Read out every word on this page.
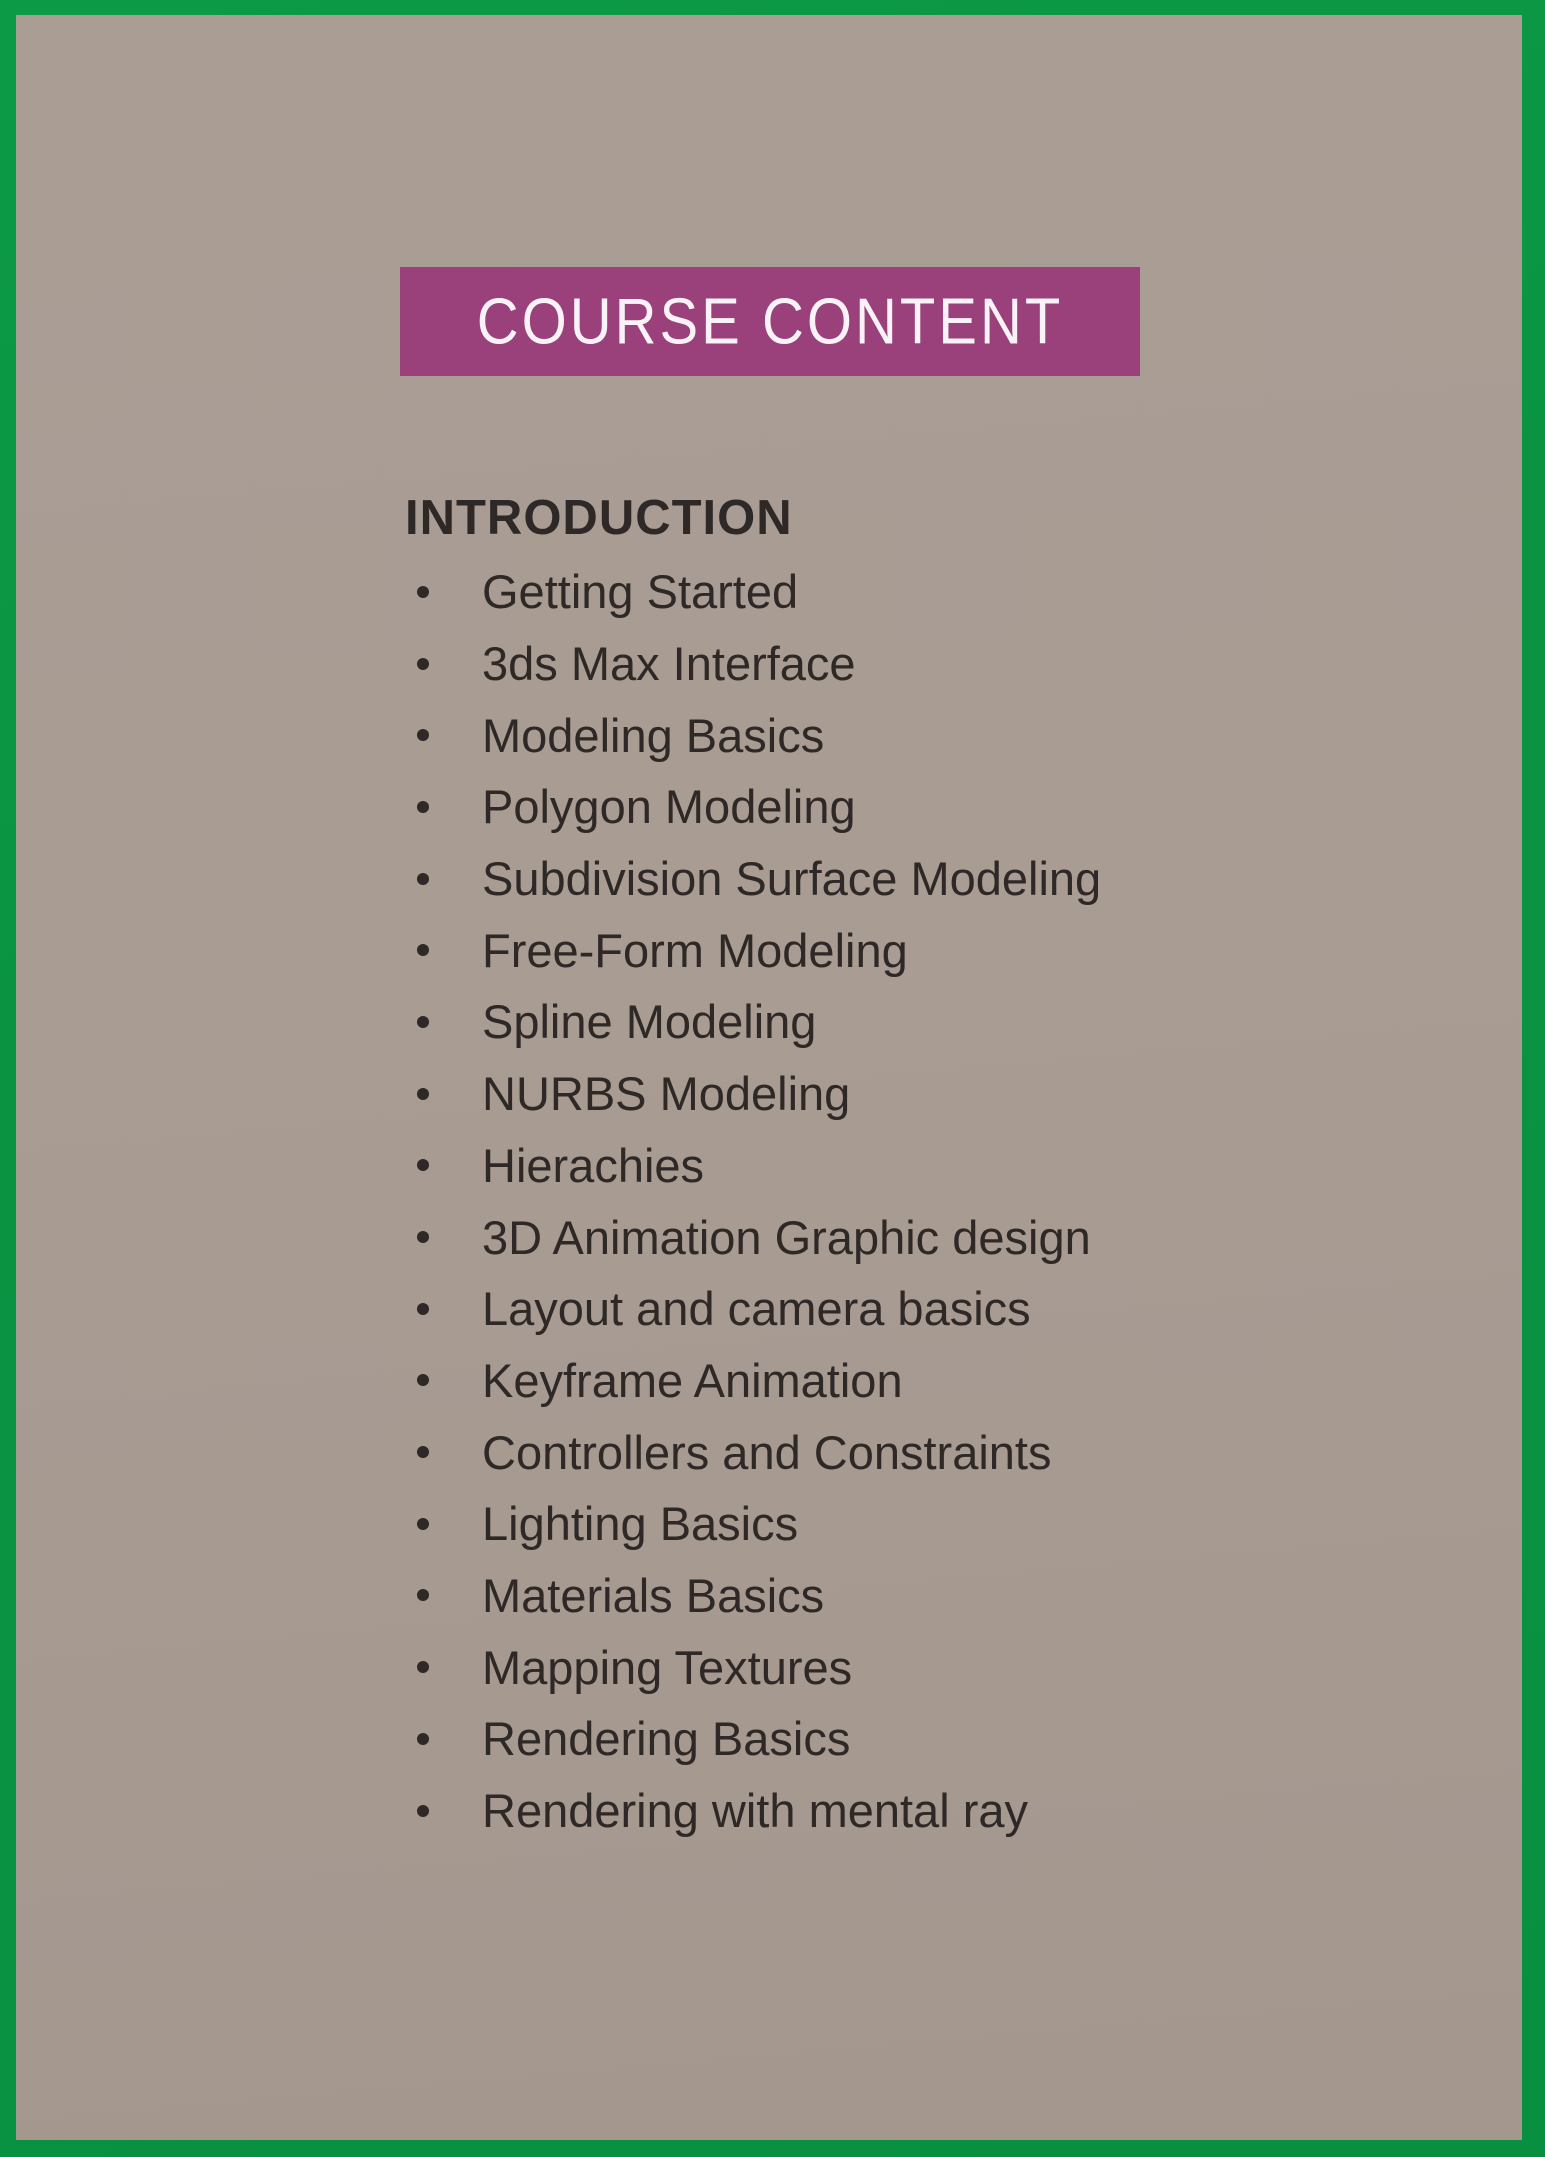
COURSE CONTENT
INTRODUCTION
Getting Started
3ds Max Interface
Modeling Basics
Polygon Modeling
Subdivision Surface Modeling
Free-Form Modeling
Spline Modeling
NURBS Modeling
Hierachies
3D Animation Graphic design
Layout and camera basics
Keyframe Animation
Controllers and Constraints
Lighting Basics
Materials Basics
Mapping Textures
Rendering Basics
Rendering with mental ray
